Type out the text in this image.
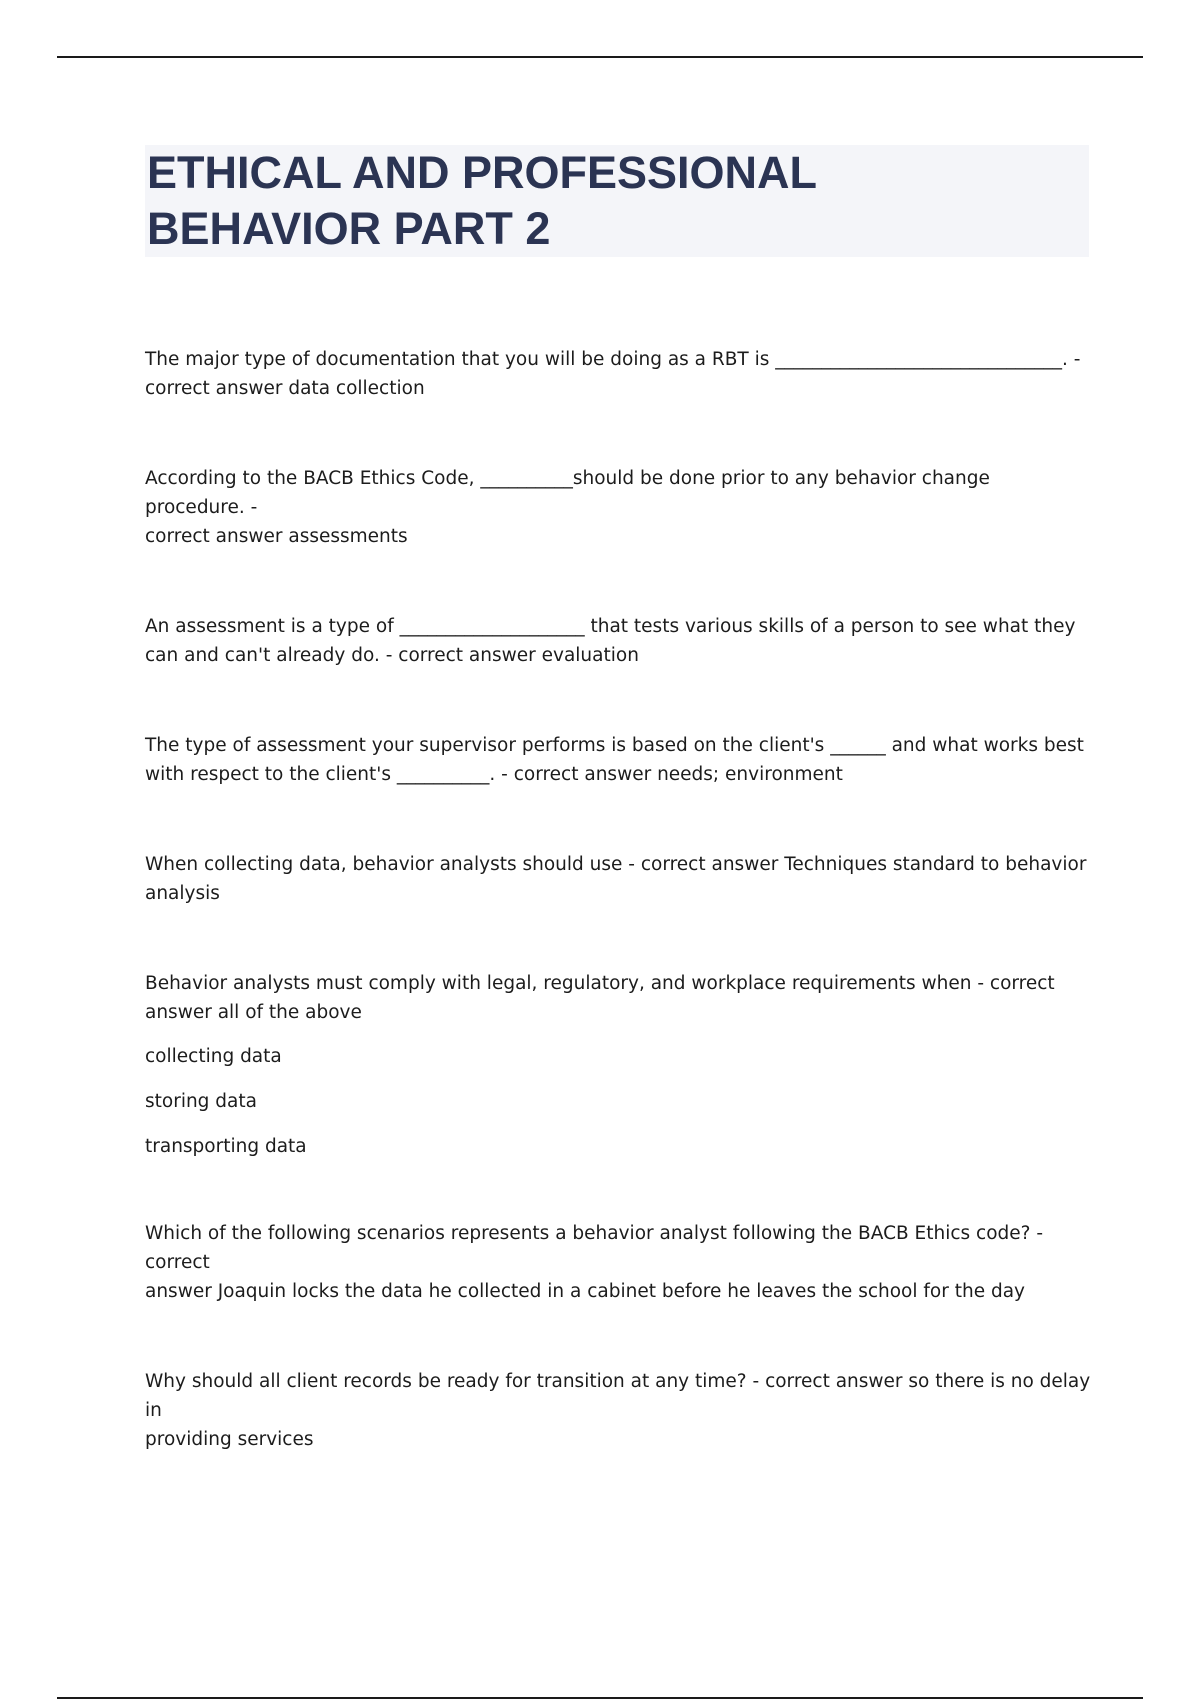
ETHICAL AND PROFESSIONAL
BEHAVIOR PART 2

The major type of documentation that you will be doing as a RBT is _______________________________. -
correct answer data collection

According to the BACB Ethics Code, __________should be done prior to any behavior change procedure. -
correct answer assessments

An assessment is a type of ____________________ that tests various skills of a person to see what they
can and can't already do. - correct answer evaluation

The type of assessment your supervisor performs is based on the client's ______ and what works best
with respect to the client's __________. - correct answer needs; environment

When collecting data, behavior analysts should use - correct answer Techniques standard to behavior
analysis

Behavior analysts must comply with legal, regulatory, and workplace requirements when - correct
answer all of the above

collecting data

storing data

transporting data

Which of the following scenarios represents a behavior analyst following the BACB Ethics code? - correct
answer Joaquin locks the data he collected in a cabinet before he leaves the school for the day

Why should all client records be ready for transition at any time? - correct answer so there is no delay in
providing services
